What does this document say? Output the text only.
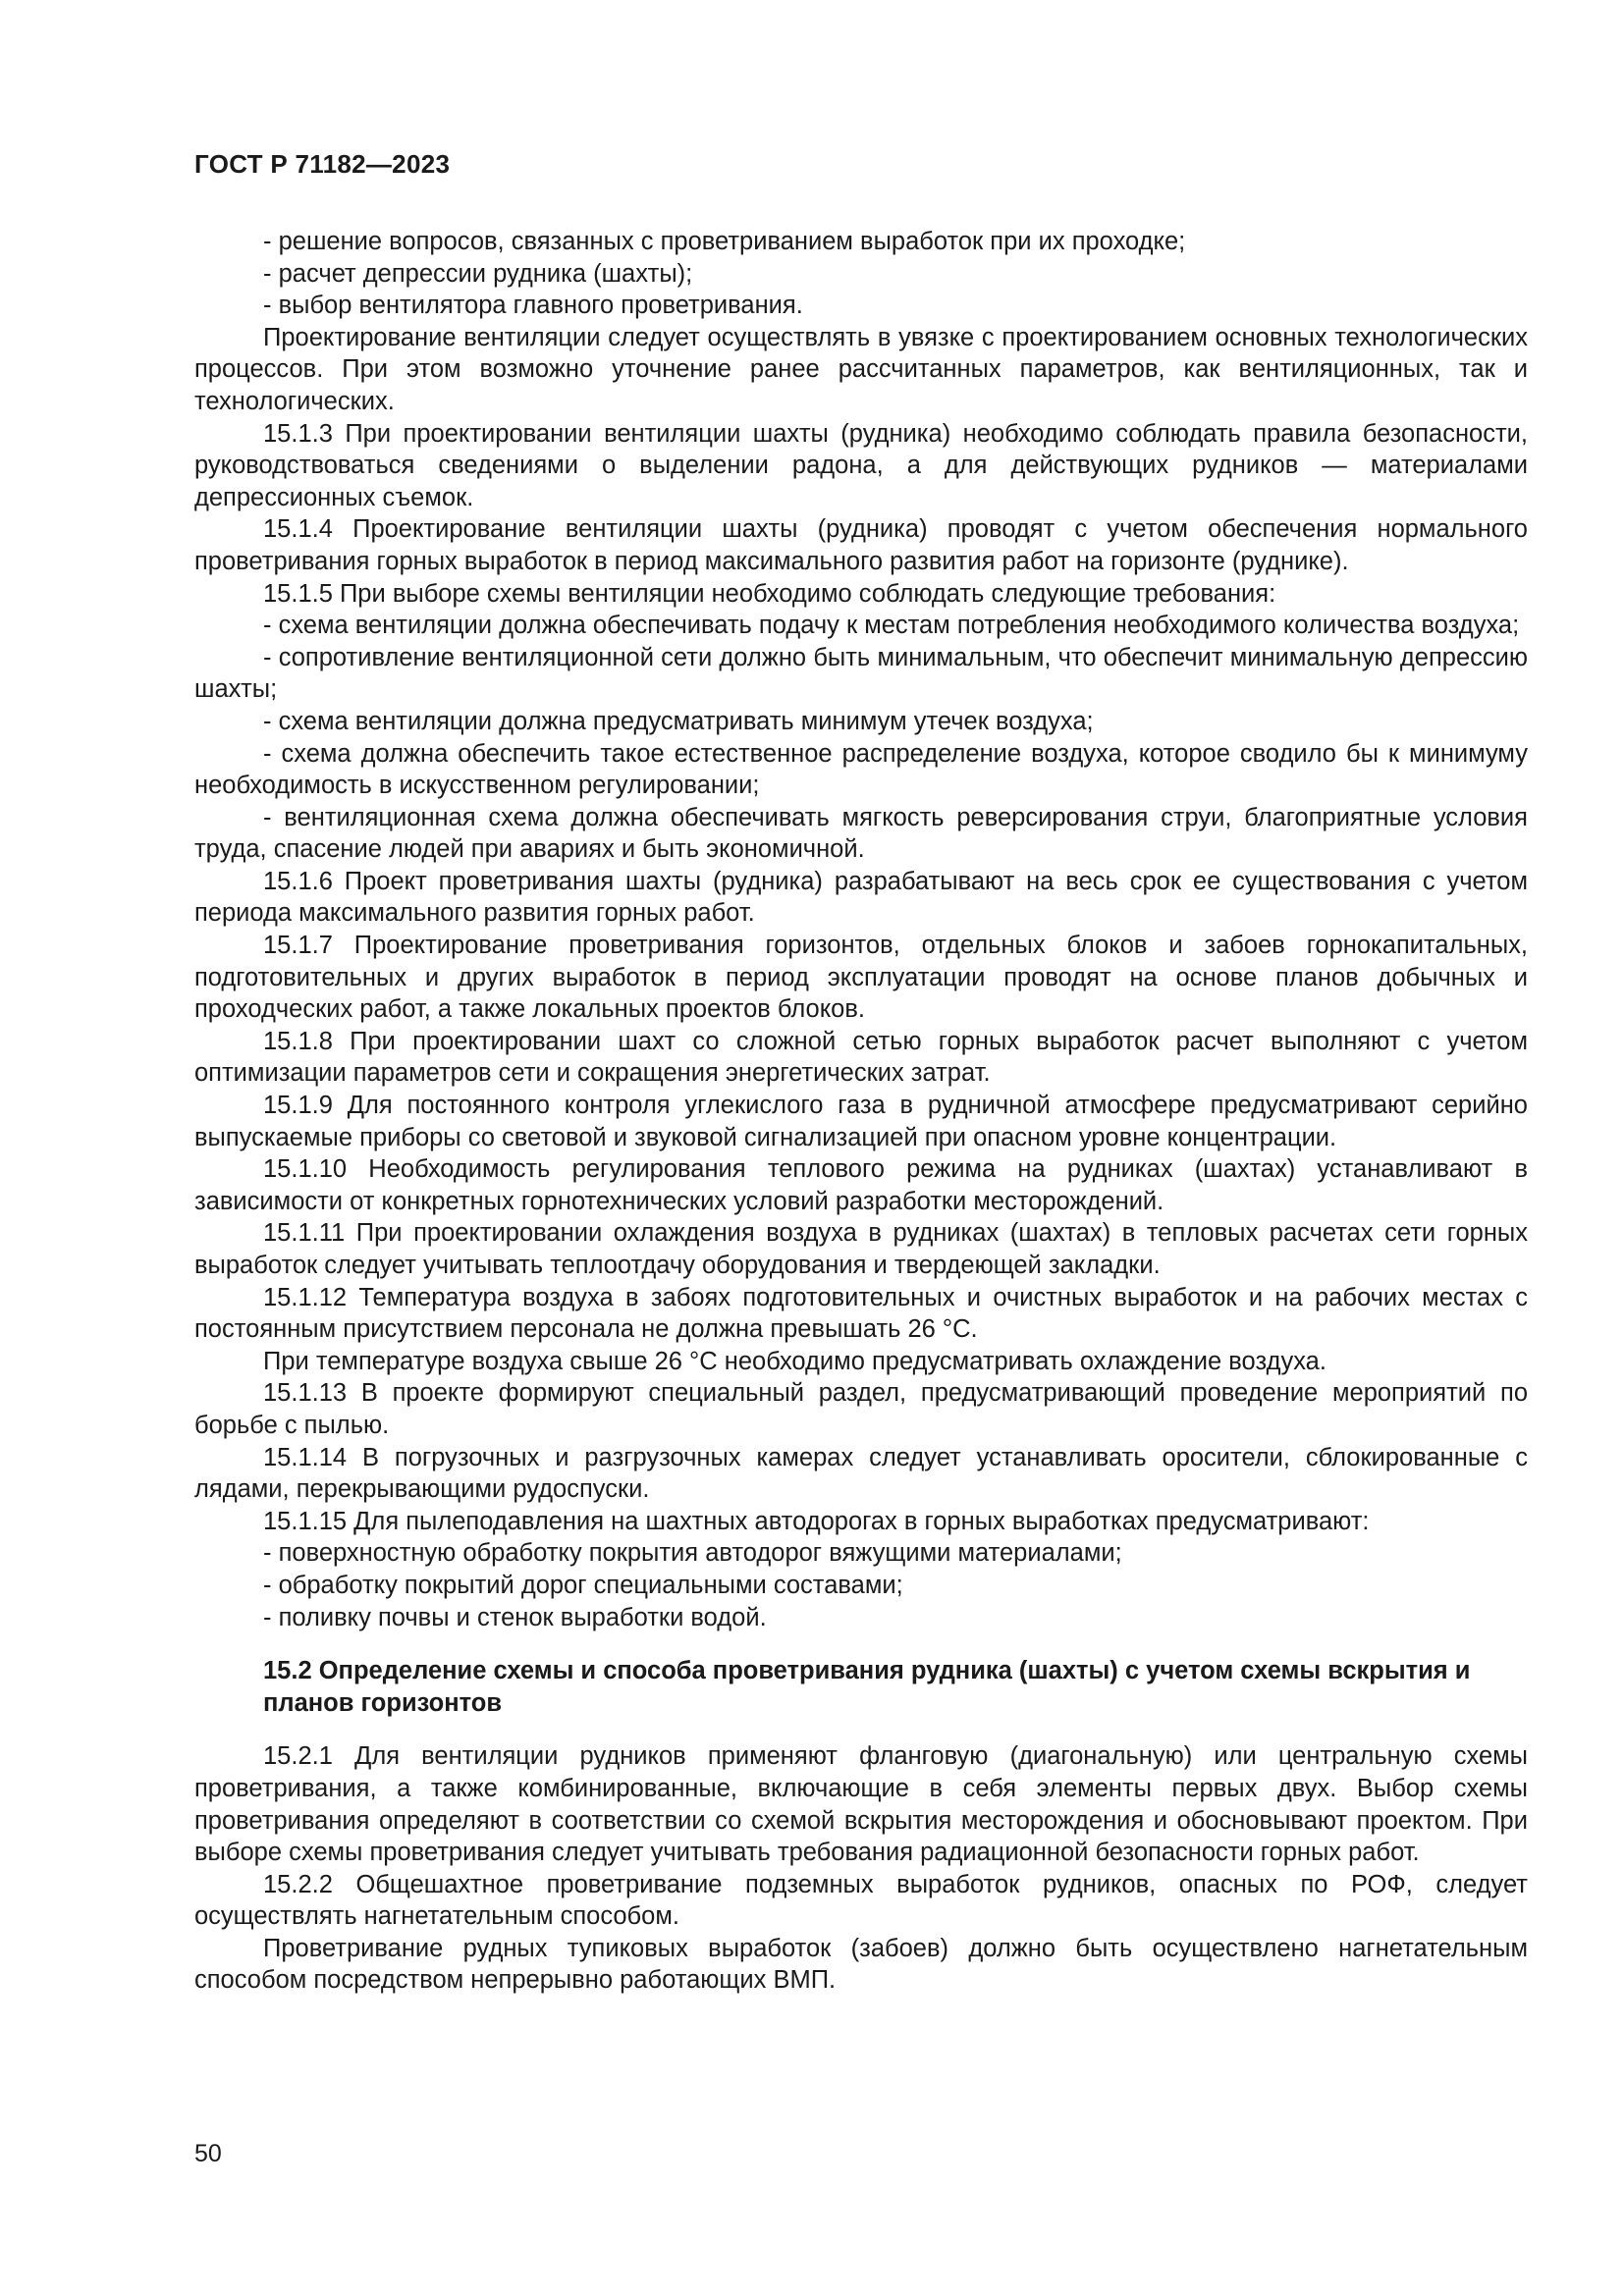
ГОСТ Р 71182—2023

- решение вопросов, связанных с проветриванием выработок при их проходке;

- расчет депрессии рудника (шахты);

- выбор вентилятора главного проветривания.

Проектирование вентиляции следует осуществлять в увязке с проектированием основных технологических процессов. При этом возможно уточнение ранее рассчитанных параметров, как вентиляционных, так и технологических.

15.1.3 При проектировании вентиляции шахты (рудника) необходимо соблюдать правила безопасности, руководствоваться сведениями о выделении радона, а для действующих рудников — материалами депрессионных съемок.

15.1.4 Проектирование вентиляции шахты (рудника) проводят с учетом обеспечения нормального проветривания горных выработок в период максимального развития работ на горизонте (руднике).

15.1.5 При выборе схемы вентиляции необходимо соблюдать следующие требования:

- схема вентиляции должна обеспечивать подачу к местам потребления необходимого количества воздуха;

- сопротивление вентиляционной сети должно быть минимальным, что обеспечит минимальную депрессию шахты;

- схема вентиляции должна предусматривать минимум утечек воздуха;

- схема должна обеспечить такое естественное распределение воздуха, которое сводило бы к минимуму необходимость в искусственном регулировании;

- вентиляционная схема должна обеспечивать мягкость реверсирования струи, благоприятные условия труда, спасение людей при авариях и быть экономичной.

15.1.6 Проект проветривания шахты (рудника) разрабатывают на весь срок ее существования с учетом периода максимального развития горных работ.

15.1.7 Проектирование проветривания горизонтов, отдельных блоков и забоев горнокапитальных, подготовительных и других выработок в период эксплуатации проводят на основе планов добычных и проходческих работ, а также локальных проектов блоков.

15.1.8 При проектировании шахт со сложной сетью горных выработок расчет выполняют с учетом оптимизации параметров сети и сокращения энергетических затрат.

15.1.9 Для постоянного контроля углекислого газа в рудничной атмосфере предусматривают серийно выпускаемые приборы со световой и звуковой сигнализацией при опасном уровне концентрации.

15.1.10 Необходимость регулирования теплового режима на рудниках (шахтах) устанавливают в зависимости от конкретных горнотехнических условий разработки месторождений.

15.1.11 При проектировании охлаждения воздуха в рудниках (шахтах) в тепловых расчетах сети горных выработок следует учитывать теплоотдачу оборудования и твердеющей закладки.

15.1.12 Температура воздуха в забоях подготовительных и очистных выработок и на рабочих местах с постоянным присутствием персонала не должна превышать 26 °C.

При температуре воздуха свыше 26 °C необходимо предусматривать охлаждение воздуха.

15.1.13 В проекте формируют специальный раздел, предусматривающий проведение мероприятий по борьбе с пылью.

15.1.14 В погрузочных и разгрузочных камерах следует устанавливать оросители, сблокированные с лядами, перекрывающими рудоспуски.

15.1.15 Для пылеподавления на шахтных автодорогах в горных выработках предусматривают:

- поверхностную обработку покрытия автодорог вяжущими материалами;

- обработку покрытий дорог специальными составами;

- поливку почвы и стенок выработки водой.

15.2 Определение схемы и способа проветривания рудника (шахты) с учетом схемы вскрытия и планов горизонтов

15.2.1 Для вентиляции рудников применяют фланговую (диагональную) или центральную схемы проветривания, а также комбинированные, включающие в себя элементы первых двух. Выбор схемы проветривания определяют в соответствии со схемой вскрытия месторождения и обосновывают проектом. При выборе схемы проветривания следует учитывать требования радиационной безопасности горных работ.

15.2.2 Общешахтное проветривание подземных выработок рудников, опасных по РОФ, следует осуществлять нагнетательным способом.

Проветривание рудных тупиковых выработок (забоев) должно быть осуществлено нагнетательным способом посредством непрерывно работающих ВМП.

50
